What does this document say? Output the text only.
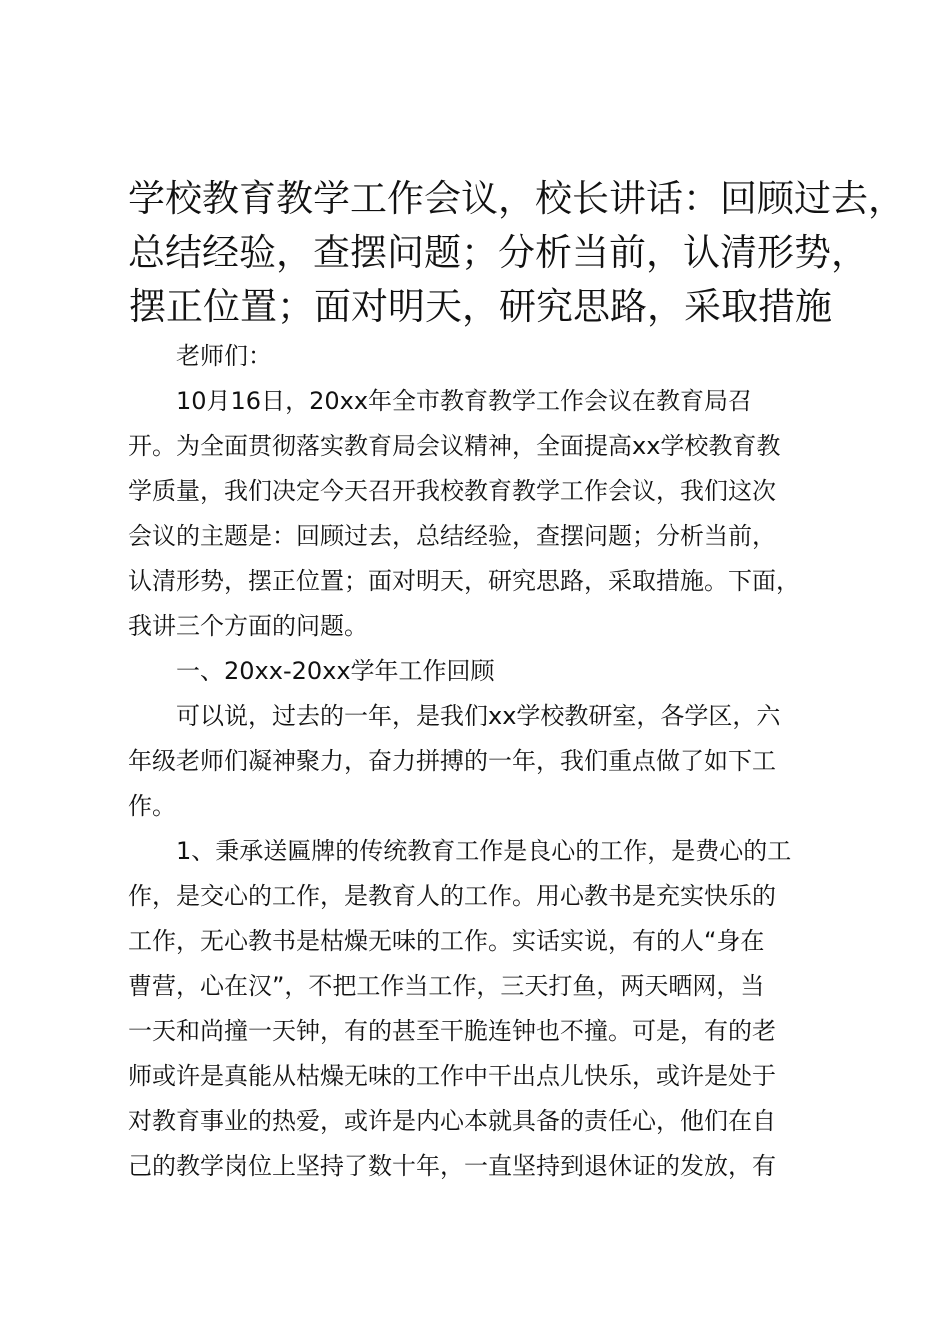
学校教育教学工作会议，校长讲话：回顾过去，
总结经验，查摆问题；分析当前，认清形势，
摆正位置；面对明天，研究思路，采取措施

老师们：

10月16日，20xx年全市教育教学工作会议在教育局召
开。为全面贯彻落实教育局会议精神，全面提高xx学校教育教
学质量，我们决定今天召开我校教育教学工作会议，我们这次
会议的主题是：回顾过去，总结经验，查摆问题；分析当前，
认清形势，摆正位置；面对明天，研究思路，采取措施。下面，
我讲三个方面的问题。

一、20xx-20xx学年工作回顾

可以说，过去的一年，是我们xx学校教研室，各学区，六
年级老师们凝神聚力，奋力拼搏的一年，我们重点做了如下工
作。

1、秉承送匾牌的传统教育工作是良心的工作，是费心的工
作，是交心的工作，是教育人的工作。用心教书是充实快乐的
工作，无心教书是枯燥无味的工作。实话实说，有的人“身在
曹营，心在汉”，不把工作当工作，三天打鱼，两天晒网，当
一天和尚撞一天钟，有的甚至干脆连钟也不撞。可是，有的老
师或许是真能从枯燥无味的工作中干出点儿快乐，或许是处于
对教育事业的热爱，或许是内心本就具备的责任心，他们在自
己的教学岗位上坚持了数十年，一直坚持到退休证的发放，有
